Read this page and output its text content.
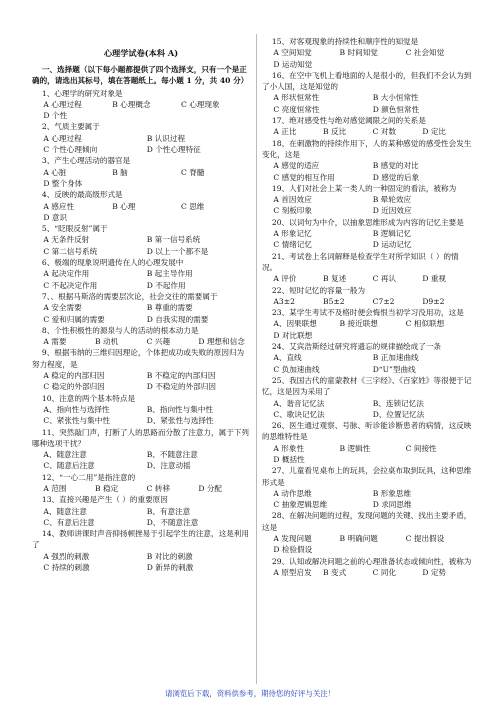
心理学试卷(本科 A)
一、选择题（以下每小题都提供了四个选择支，只有一个是正确的，请选出其标号，填在答题纸上。每小题 1 分，共 40 分）
1、心理学的研究对象是
A 心理过程	B 心理概念	C 心理现象
D 个性
2、气质主要属于
A 心理过程	B 认识过程
C 个性心理倾向	D 个性心理特征
3、产生心理活动的器官是
A 心脏	B 脑	C 脊髓
D 整个身体
4、反映的最高级形式是
A 感应性	B 心理	C 思维
D 意识
5、“眨眼反射”属于
A 无条件反射	B 第一信号系统
C 第二信号系统	D 以上一个都不是
6、极端的现象说明遗传在人的心理发展中
A 起决定作用	B 起主导作用
C 不起决定作用	D 不起作用
7、、根据马斯洛的需要层次论，社会交往的需要属于
A 安全需要	B 尊重的需要
C 爱和归属的需要	D 自我实现的需要
8、个性积极性的源泉与人的活动的根本动力是
A 需要	B 动机	C 兴趣	D 理想和信念
9、根据韦纳的三维归因理论，个体把成功或失败的原因归为努力程度，是
A 稳定的内部归因	B 不稳定的内部归因
C 稳定的外部归因	D 不稳定的外部归因
10、注意的两个基本特点是
A、指向性与选择性	B、指向性与集中性
C、紧张性与集中性	D、紧张性与选择性
11、突然敲门声，打断了人的思路而分散了注意力，属于下列哪种选项干扰？
A、随意注意	B、不随意注意
C、随意后注意	D、注意动摇
12、“一心二用”是指注意的
A 范围	B 稳定	C 转移	D 分配
13、直接兴趣是产生（ ）的重要原因
A、随意注意	B、有意注意
C、有意后注意	D、不随意注意
14、教师讲课时声音抑扬顿挫易于引起学生的注意，这是利用了
A 强烈的刺激	B 对比的刺激
C 持续的刺激	D 新异的刺激
15、对客观现象的持续性和顺序性的知觉是
A 空间知觉	B 时间知觉	C 社会知觉
D 运动知觉
16、在空中飞机上看地面的人是很小的，但我们不会认为到了小人国，这是知觉的
A 形状恒常性	B 大小恒常性
C 亮度恒常性	D 颜色恒常性
17、绝对感受性与绝对感觉阈限之间的关系是
A 正比	B 反比	C 对数	D 定比
18、在刺激物的持续作用下，人的某种感觉的感受性会发生变化，这是
A 感觉的适应	B 感觉的对比
C 感觉的相互作用	D 感觉的后象
19、人们对社会上某一类人的一种固定的看法，被称为
A 首因效应	B 晕轮效应
C 刻板印象	D 近因效应
20、以词句为中介，以抽象思维形成为内容的记忆主要是
A 形象记忆	B 逻辑记忆
C 情绪记忆	D 运动记忆
21、考试卷上名词解释是检查学生对所学知识（ ）的情况。
A 评价	B 复述	C 再认	D 重视
22、短时记忆的容量一般为
A3±2	B5±2	C7±2	D9±2
23、某学生考试不及格时便会悔恨当初学习没用功，这是
A、因果联想	B 接近联想	C 相似联想
D 对比联想
24、艾宾浩斯经过研究将遗忘的规律描绘成了一条
A、直线	B 正加速曲线
C 负加速曲线	D“U”型曲线
25、我国古代的童蒙教材《三字经》、《百家姓》等很便于记忆，这是因为采用了
A、谐音记忆法	B、连锁记忆法
C、歌诀记忆法	D、位置记忆法
26、医生通过观察、号脉、听诊能诊断患者的病情，这反映的思维特性是
A 形象性	B 逻辑性	C 间接性
D 概括性
27、儿童看见桌布上的玩具，会拉桌布取到玩具，这种思维形式是
A 动作思维	B 形象思维
C 抽象逻辑思维	D 求同思维
28、在解决问题的过程，发现问题的关键、找出主要矛盾，这是
A 发现问题	B 明确问题	C 提出假设
D 检验假设
29、认知或解决问题之前的心理准备状态或倾向性，被称为
A 原型启发	B 变式	C 同化	D 定势
请浏览后下载，资料供参考，期待您的好评与关注！
